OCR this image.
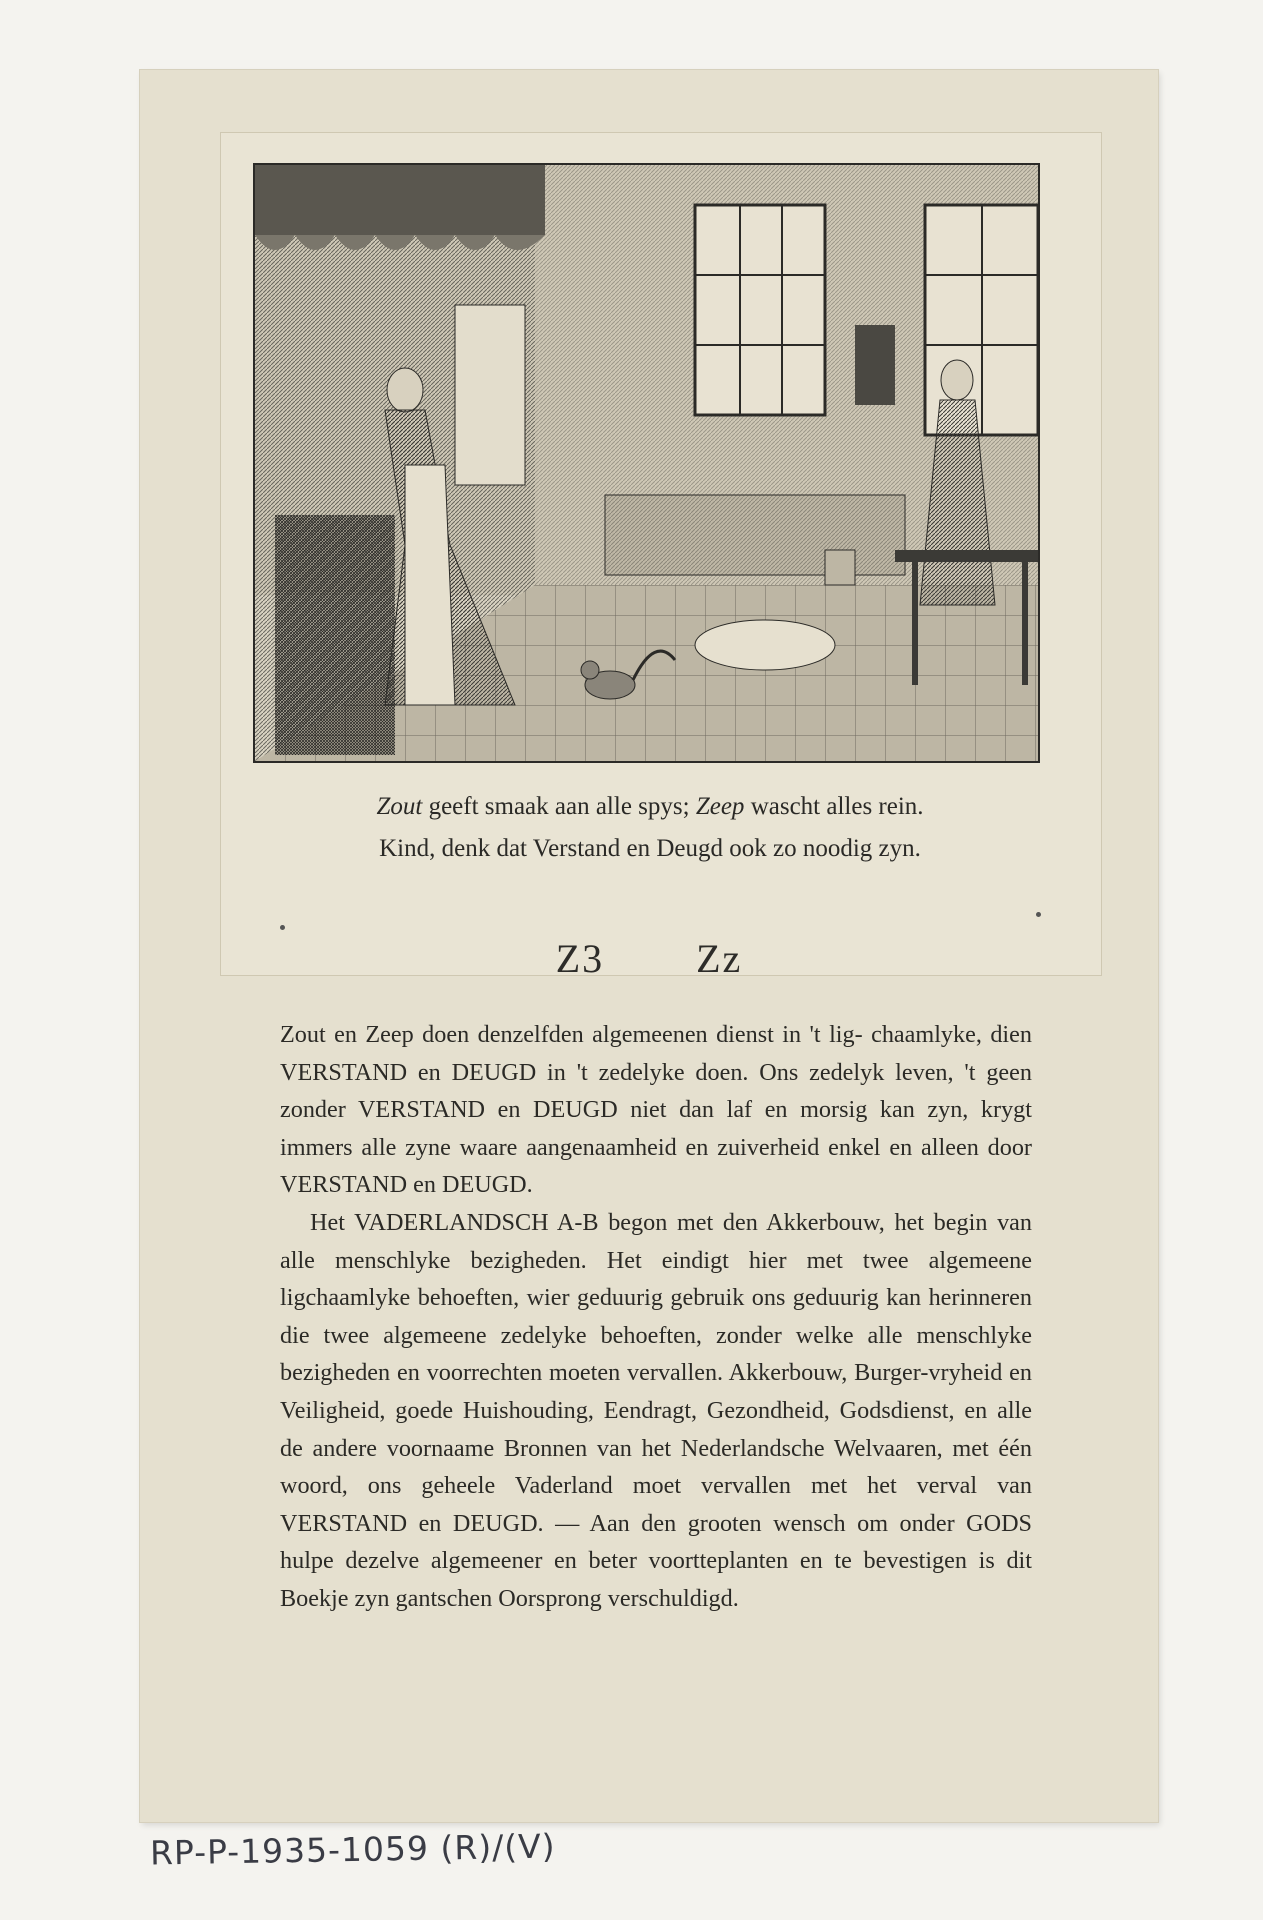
Zout geeft smaak aan alle spys; Zeep wascht alles rein.
Kind, denk dat Verstand en Deugd ook zo noodig zyn.
Z3 Zz

Zout en Zeep doen denzelfden algemeenen dienst in 't lig- chaamlyke, dien VERSTAND en DEUGD in 't zedelyke doen. Ons zedelyk leven, 't geen zonder VERSTAND en DEUGD niet dan laf en morsig kan zyn, krygt immers alle zyne waare aangenaamheid en zuiverheid enkel en alleen door VERSTAND en DEUGD.

Het VADERLANDSCH A-B begon met den Akkerbouw, het begin van alle menschlyke bezigheden. Het eindigt hier met twee algemeene ligchaamlyke behoeften, wier geduurig gebruik ons geduurig kan herinneren die twee algemeene zedelyke behoeften, zonder welke alle menschlyke bezigheden en voorrechten moeten vervallen. Akkerbouw, Burger-vryheid en Veiligheid, goede Huishouding, Eendragt, Gezondheid, Godsdienst, en alle de andere voornaame Bronnen van het Nederlandsche Welvaaren, met één woord, ons geheele Vaderland moet vervallen met het verval van VERSTAND en DEUGD. — Aan den grooten wensch om onder GODS hulpe dezelve algemeener en beter voortteplanten en te bevestigen is dit Boekje zyn gantschen Oorsprong verschuldigd.

RP-P-1935-1059 (R)/(V)
